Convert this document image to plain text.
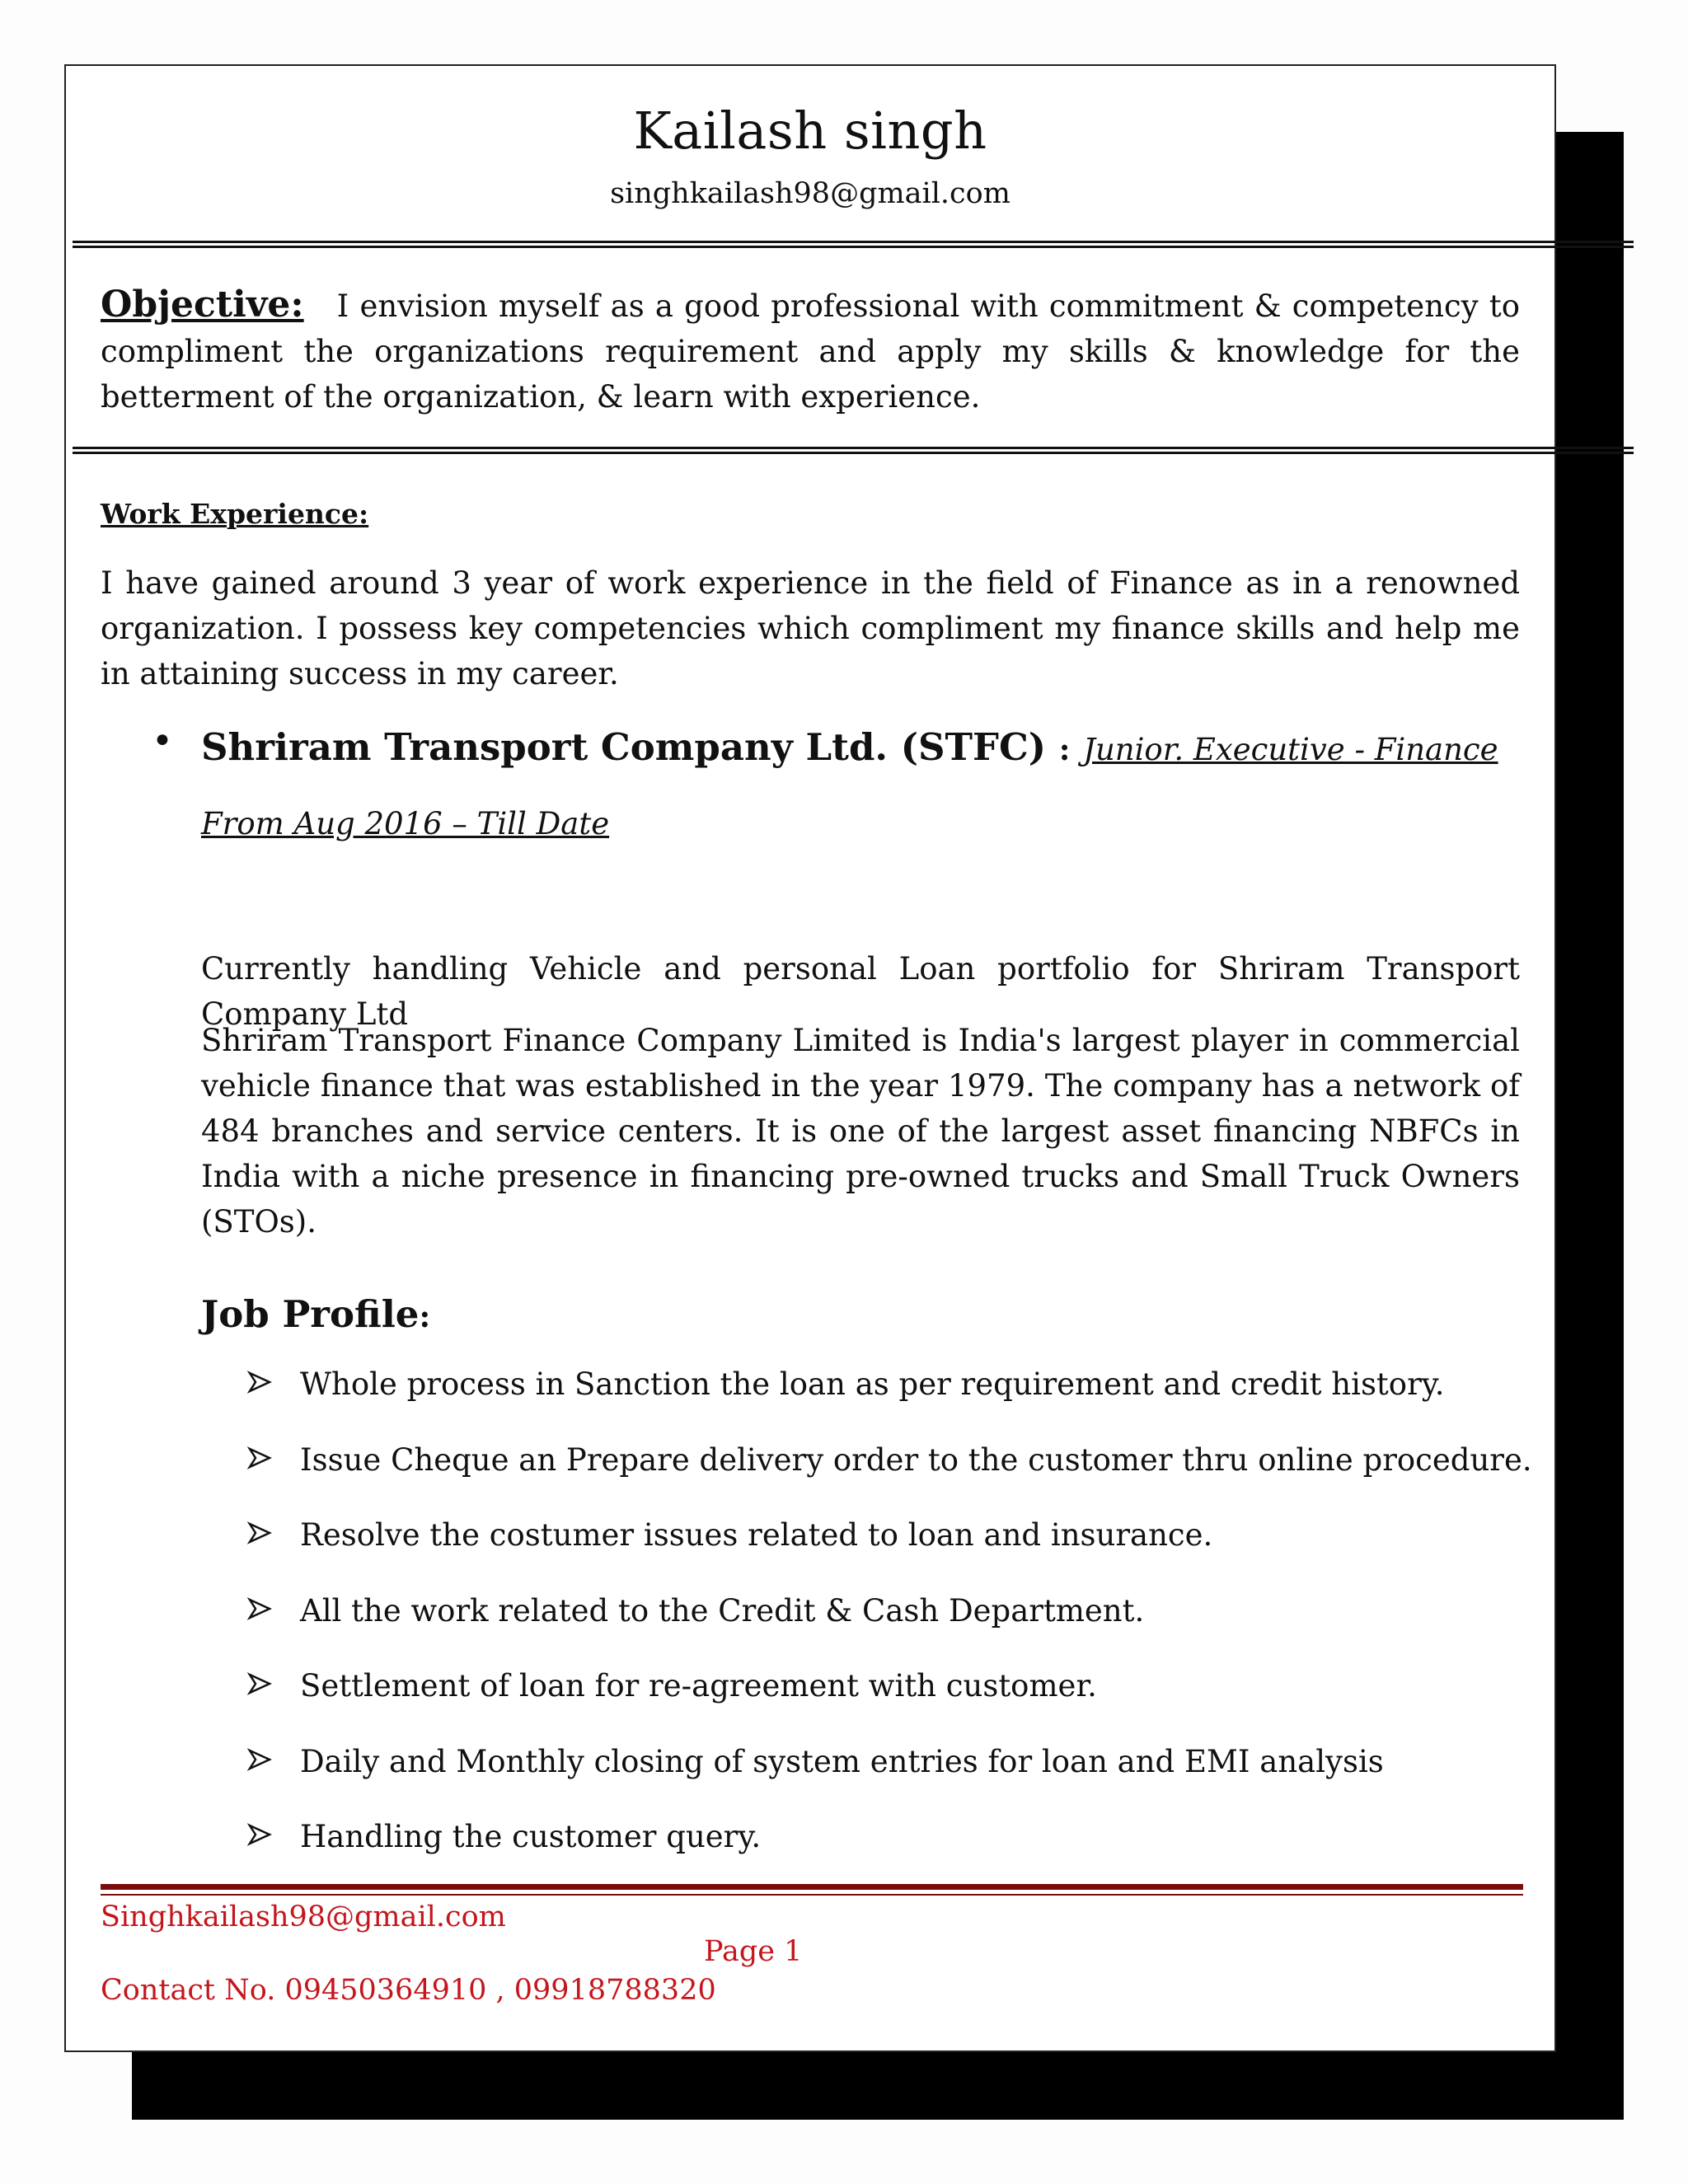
Kailash singh
singhkailash98@gmail.com
Objective: I envision myself as a good professional with commitment & competency to compliment the organizations requirement and apply my skills & knowledge for the betterment of the organization, & learn with experience.
Work Experience:
I have gained around 3 year of work experience in the field of Finance as in a renowned organization. I possess key competencies which compliment my finance skills and help me in attaining success in my career.
• Shriram Transport Company Ltd. (STFC) : Junior. Executive - Finance
From Aug 2016 – Till Date
Currently handling Vehicle and personal Loan portfolio for Shriram Transport Company Ltd
Shriram Transport Finance Company Limited is India's largest player in commercial vehicle finance that was established in the year 1979. The company has a network of 484 branches and service centers. It is one of the largest asset financing NBFCs in India with a niche presence in financing pre-owned trucks and Small Truck Owners (STOs).
Job Profile:
Whole process in Sanction the loan as per requirement and credit history.
Issue Cheque an Prepare delivery order to the customer thru online procedure.
Resolve the costumer issues related to loan and insurance.
All the work related to the Credit & Cash Department.
Settlement of loan for re-agreement with customer.
Daily and Monthly closing of system entries for loan and EMI analysis
Handling the customer query.
Singhkailash98@gmail.com
Page 1
Contact No. 09450364910 , 09918788320
